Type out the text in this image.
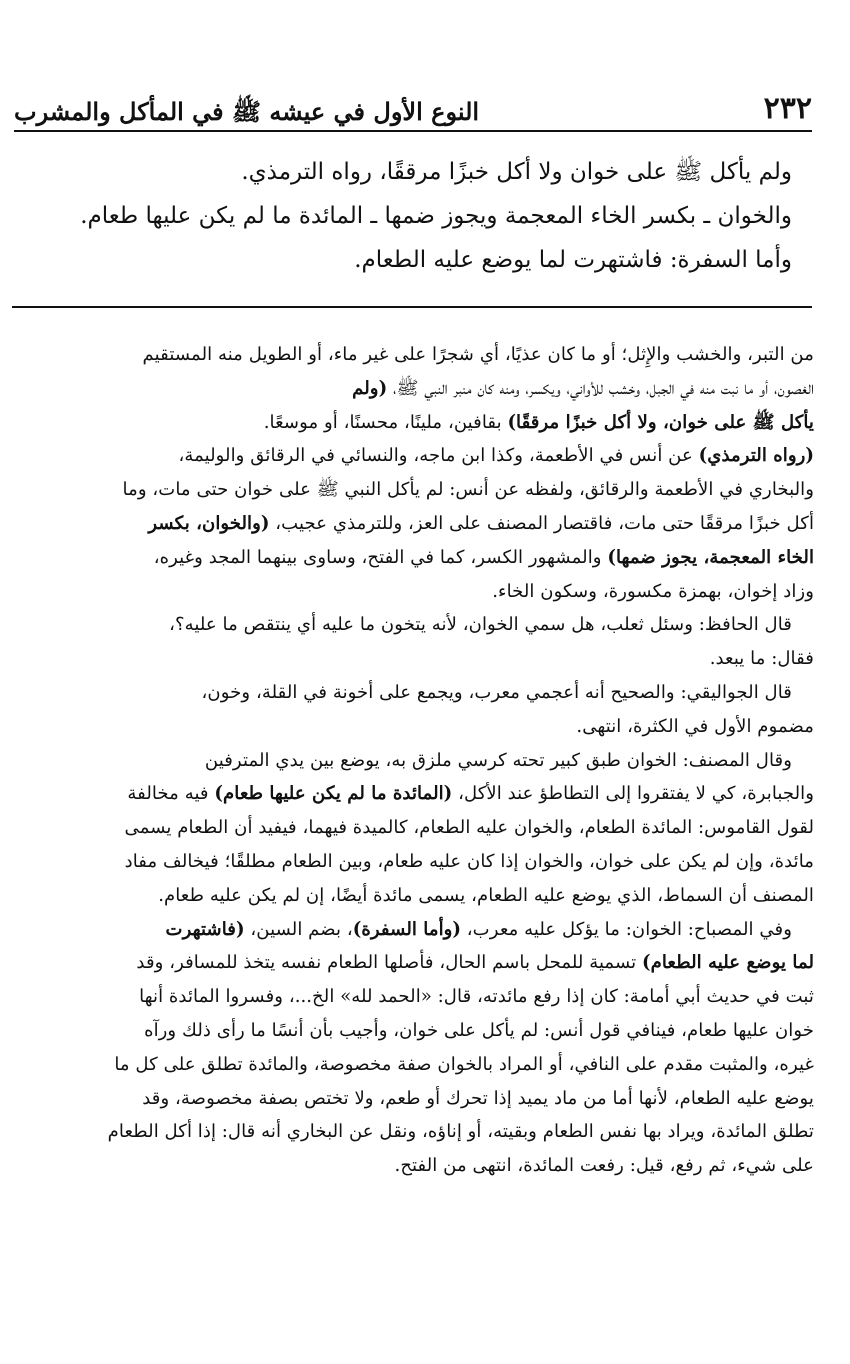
٢٣٢
النوع الأول في عيشه ﷺ في المأكل والمشرب

ولم يأكل ﷺ على خوان ولا أكل خبزًا مرققًا، رواه الترمذي.

والخوان ـ بكسر الخاء المعجمة ويجوز ضمها ـ المائدة ما لم يكن عليها طعام.

وأما السفرة: فاشتهرت لما يوضع عليه الطعام.

من التبر، والخشب والإِثل؛ أو ما كان عذيًا، أي شجرًا على غير ماء، أو الطويل منه المستقيم

الغصون، أو ما نبت منه في الجبل، وخشب للأواني، ويكسر، ومنه كان منبر النبي ﷺ، (ولم

يأكل ﷺ على خوان، ولا أكل خبزًا مرققًا) بقافين، ملينًا، محسنًا، أو موسعًا.

(رواه الترمذي) عن أنس في الأطعمة، وكذا ابن ماجه، والنسائي في الرقائق والوليمة،

والبخاري في الأطعمة والرقائق، ولفظه عن أنس: لم يأكل النبي ﷺ على خوان حتى مات، وما

أكل خبزًا مرققًا حتى مات، فاقتصار المصنف على العز، وللترمذي عجيب، (والخوان، بكسر

الخاء المعجمة، يجوز ضمها) والمشهور الكسر، كما في الفتح، وساوى بينهما المجد وغيره،

وزاد إخوان، بهمزة مكسورة، وسكون الخاء.

قال الحافظ: وسئل ثعلب، هل سمي الخوان، لأنه يتخون ما عليه أي ينتقص ما عليه؟،

فقال: ما يبعد.

قال الجواليقي: والصحيح أنه أعجمي معرب، ويجمع على أخونة في القلة، وخون،

مضموم الأول في الكثرة، انتهى.

وقال المصنف: الخوان طبق كبير تحته كرسي ملزق به، يوضع بين يدي المترفين

والجبابرة، كي لا يفتقروا إلى التطاطؤ عند الأكل، (المائدة ما لم يكن عليها طعام) فيه مخالفة

لقول القاموس: المائدة الطعام، والخوان عليه الطعام، كالميدة فيهما، فيفيد أن الطعام يسمى

مائدة، وإن لم يكن على خوان، والخوان إذا كان عليه طعام، وبين الطعام مطلقًا؛ فيخالف مفاد

المصنف أن السماط، الذي يوضع عليه الطعام، يسمى مائدة أيضًا، إن لم يكن عليه طعام.

وفي المصباح: الخوان: ما يؤكل عليه معرب، (وأما السفرة)، بضم السين، (فاشتهرت

لما يوضع عليه الطعام) تسمية للمحل باسم الحال، فأصلها الطعام نفسه يتخذ للمسافر، وقد

ثبت في حديث أبي أمامة: كان إذا رفع مائدته، قال: «الحمد لله» الخ...، وفسروا المائدة أنها

خوان عليها طعام، فينافي قول أنس: لم يأكل على خوان، وأجيب بأن أنسًا ما رأى ذلك ورآه

غيره، والمثبت مقدم على النافي، أو المراد بالخوان صفة مخصوصة، والمائدة تطلق على كل ما

يوضع عليه الطعام، لأنها أما من ماد يميد إذا تحرك أو طعم، ولا تختص بصفة مخصوصة، وقد

تطلق المائدة، ويراد بها نفس الطعام وبقيته، أو إناؤه، ونقل عن البخاري أنه قال: إذا أكل الطعام

على شيء، ثم رفع، قيل: رفعت المائدة، انتهى من الفتح.
